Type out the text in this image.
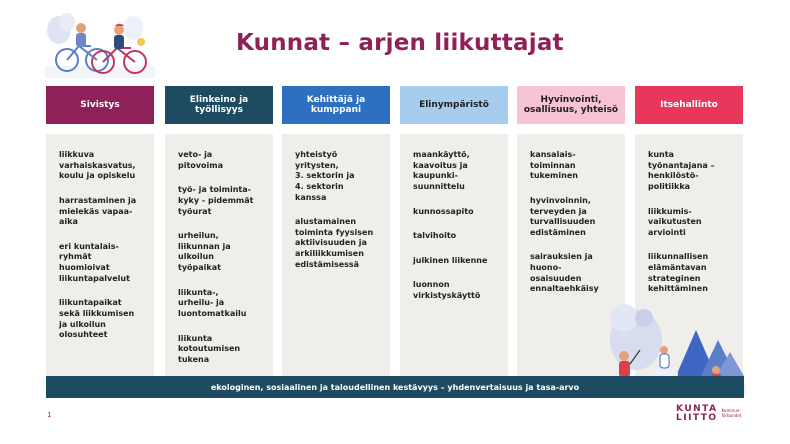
Kunnat – arjen liikuttajat
Sivistys
liikkuva
varhaiskasvatus,
koulu ja opiskelu
harrastaminen ja
mielekäs vapaa-
aika
eri kuntalais-
ryhmät
huomioivat
liikuntapalvelut
liikuntapaikat
sekä liikkumisen
ja ulkoilun
olosuhteet
Elinkeino ja työllisyys
veto- ja
pitovoima
työ- ja toiminta-
kyky - pidemmät
työurat
urheilun,
liikunnan ja
ulkoilun
työpaikat
liikunta-,
urheilu- ja
luontomatkailu
liikunta
kotoutumisen
tukena
Kehittäjä ja kumppani
yhteistyö
yritysten,
3. sektorin ja
4. sektorin
kanssa
alustamainen
toiminta fyysisen
aktiivisuuden ja
arkiliikkumisen
edistämisessä
Elinympäristö
maankäyttö,
kaavoitus ja
kaupunki-
suunnittelu
kunnossapito
talvihoito
julkinen liikenne
luonnon
virkistyskäyttö
Hyvinvointi, osallisuus, yhteisö
kansalais-
toiminnan
tukeminen
hyvinvoinnin,
terveyden ja
turvallisuuden
edistäminen
sairauksien ja
huono-
osaisuuden
ennaltaehkäisy
Itsehallinto
kunta
työnantajana –
henkilöstö-
politiikka
liikkumis-
vaikutusten
arviointi
liikunnallisen
elämäntavan
strateginen
kehittäminen
ekologinen, sosiaalinen ja taloudellinen kestävyys – yhdenvertaisuus ja tasa-arvo
1
KUNTA
LIITTO
Kommun-
förbundet
